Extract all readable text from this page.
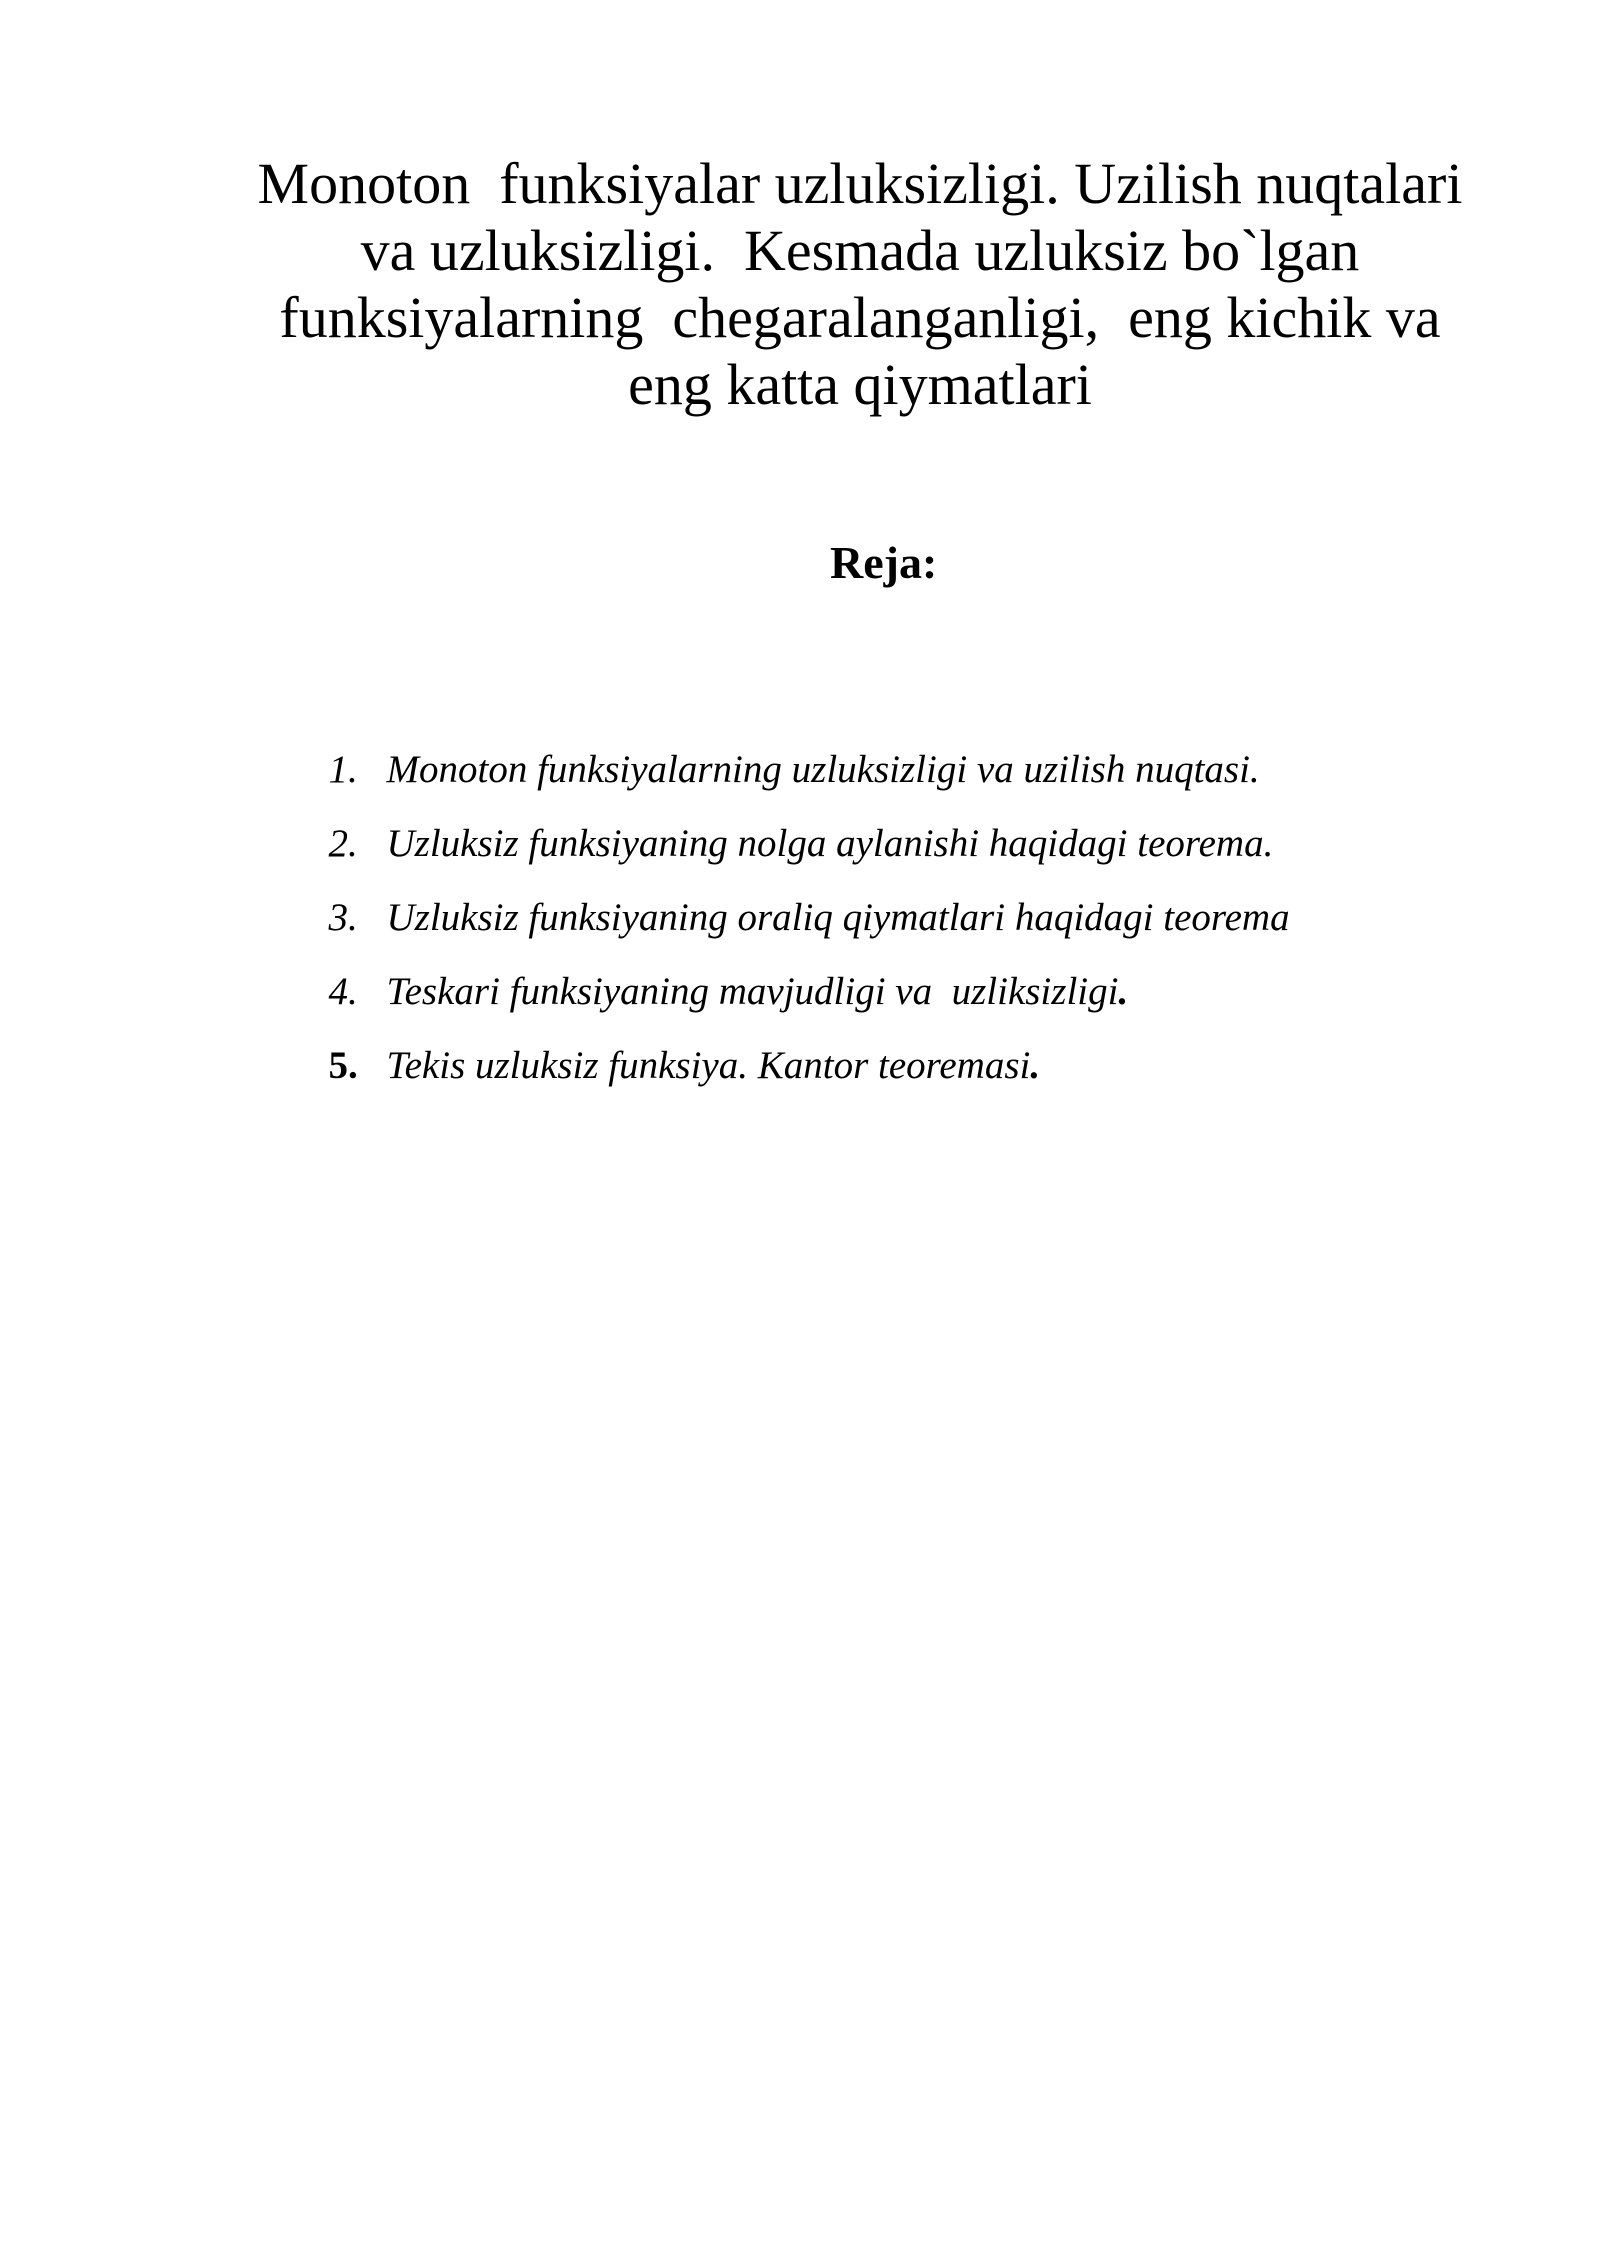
Monoton  funksiyalar uzluksizligi. Uzilish nuqtalari
va uzluksizligi.  Kesmada uzluksiz bo`lgan
funksiyalarning  chegaralanganligi,  eng kichik va
eng katta qiymatlari
Reja:

1. Monoton funksiyalarning uzluksizligi va uzilish nuqtasi.

2. Uzluksiz funksiyaning nolga aylanishi haqidagi teorema.

3. Uzluksiz funksiyaning oraliq qiymatlari haqidagi teorema

4. Teskari funksiyaning mavjudligi va  uzliksizligi.

5. Tekis uzluksiz funksiya. Kantor teoremasi.
